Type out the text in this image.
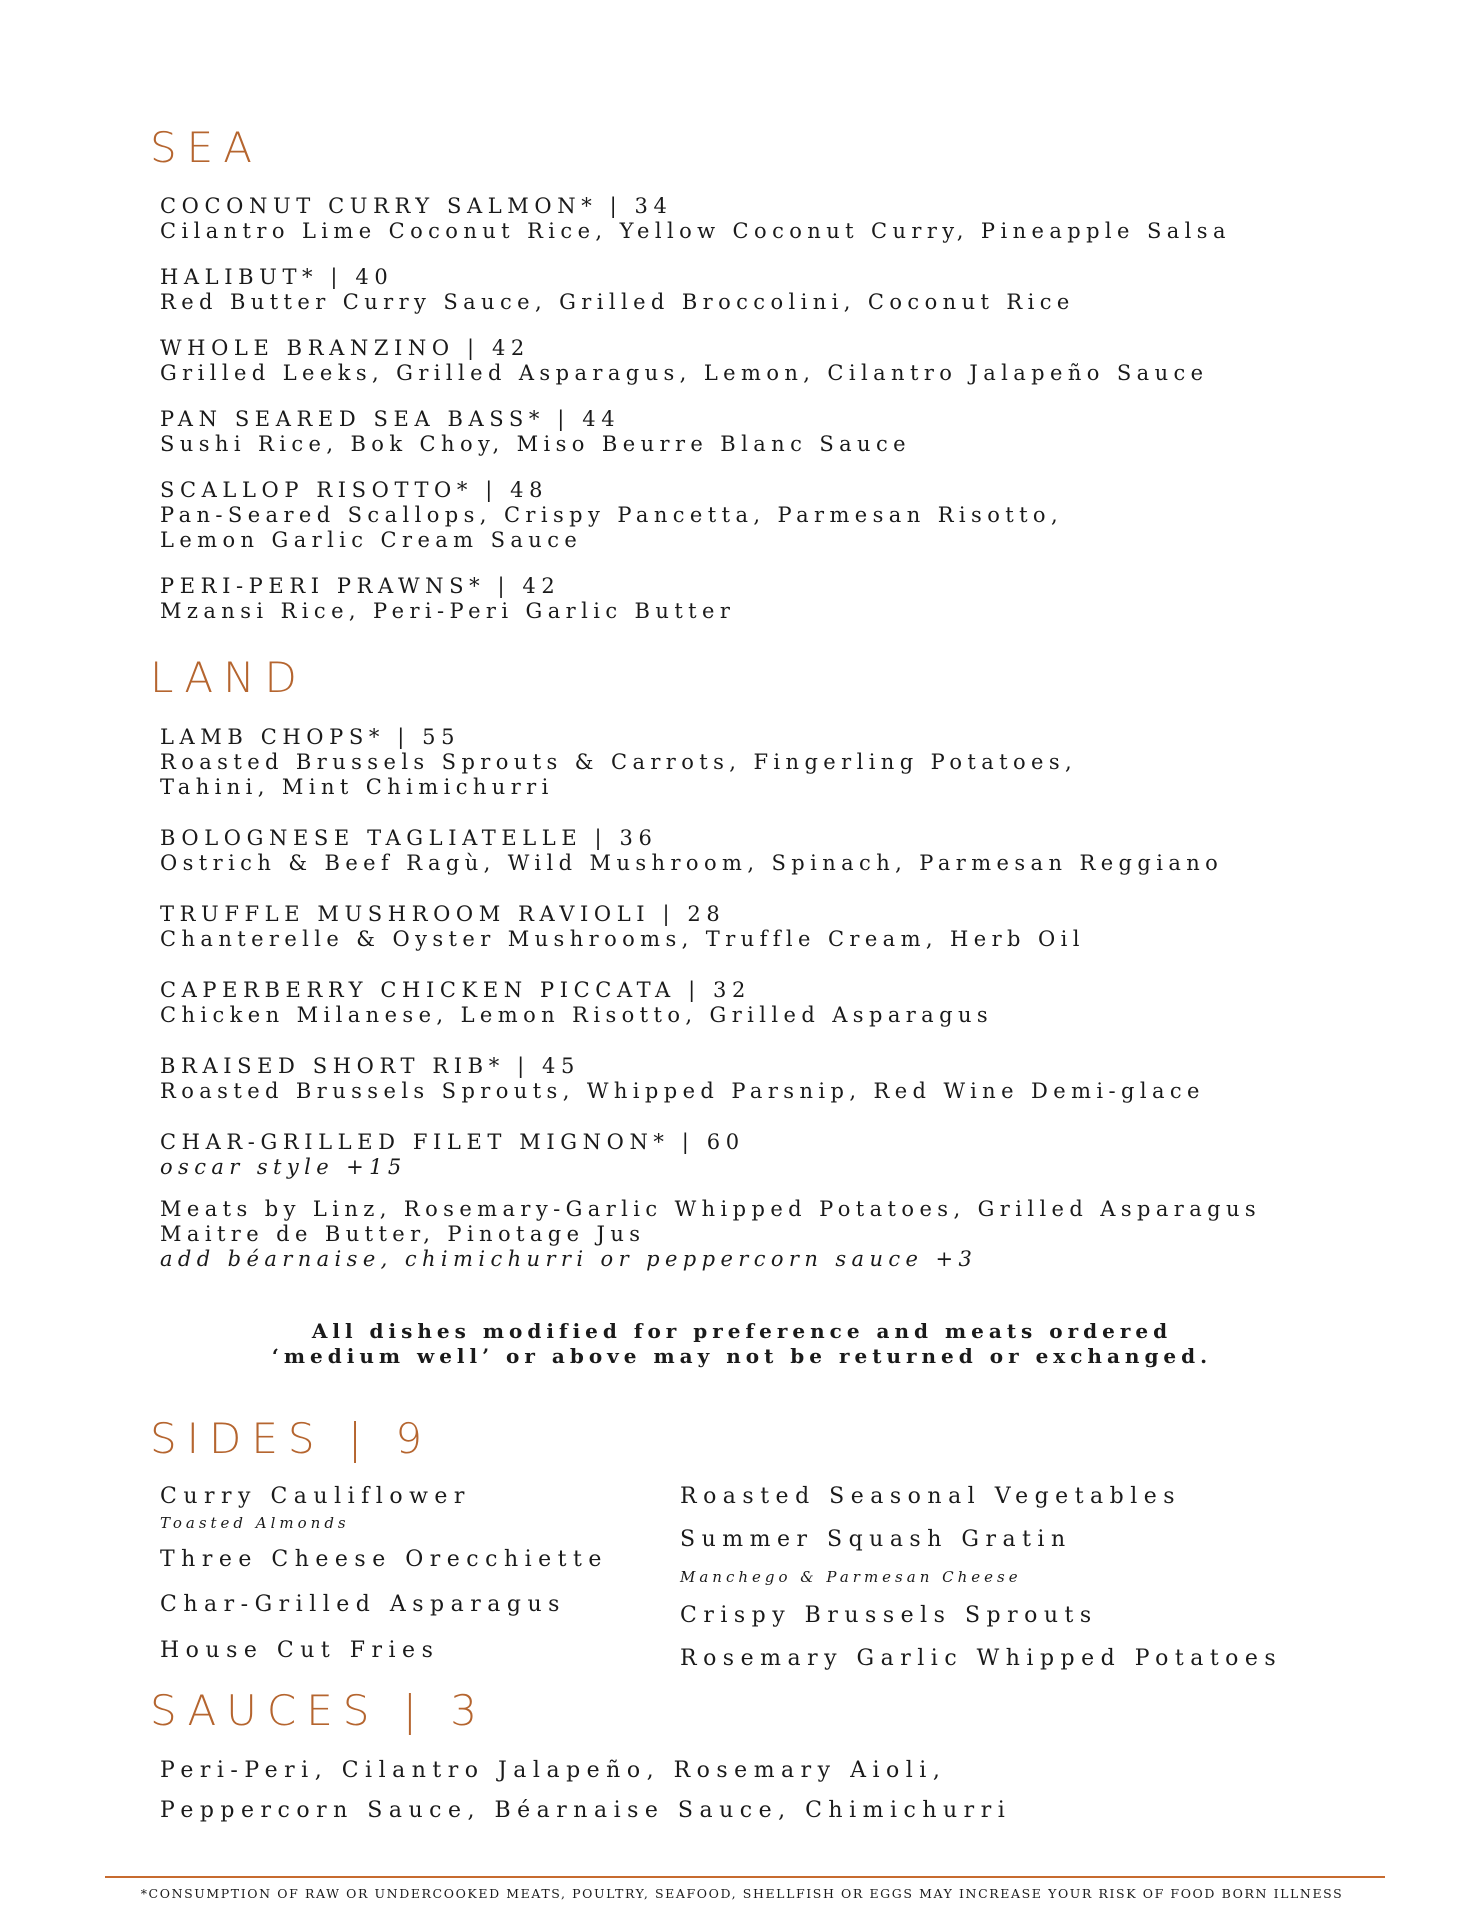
SEA
COCONUT CURRY SALMON* | 34
Cilantro Lime Coconut Rice, Yellow Coconut Curry, Pineapple Salsa
HALIBUT* | 40
Red Butter Curry Sauce, Grilled Broccolini, Coconut Rice
WHOLE BRANZINO | 42
Grilled Leeks, Grilled Asparagus, Lemon, Cilantro Jalapeño Sauce
PAN SEARED SEA BASS* | 44
Sushi Rice, Bok Choy, Miso Beurre Blanc Sauce
SCALLOP RISOTTO* | 48
Pan-Seared Scallops, Crispy Pancetta, Parmesan Risotto,
Lemon Garlic Cream Sauce
PERI-PERI PRAWNS* | 42
Mzansi Rice, Peri-Peri Garlic Butter
LAND
LAMB CHOPS* | 55
Roasted Brussels Sprouts & Carrots, Fingerling Potatoes,
Tahini, Mint Chimichurri
BOLOGNESE TAGLIATELLE | 36
Ostrich & Beef Ragù, Wild Mushroom, Spinach, Parmesan Reggiano
TRUFFLE MUSHROOM RAVIOLI | 28
Chanterelle & Oyster Mushrooms, Truffle Cream, Herb Oil
CAPERBERRY CHICKEN PICCATA | 32
Chicken Milanese, Lemon Risotto, Grilled Asparagus
BRAISED SHORT RIB* | 45
Roasted Brussels Sprouts, Whipped Parsnip, Red Wine Demi-glace
CHAR-GRILLED FILET MIGNON* | 60
oscar style +15
Meats by Linz, Rosemary-Garlic Whipped Potatoes, Grilled Asparagus
Maitre de Butter, Pinotage Jus
add béarnaise, chimichurri or peppercorn sauce +3
All dishes modified for preference and meats ordered
‘medium well’ or above may not be returned or exchanged.
SIDES | 9
Curry Cauliflower
Toasted Almonds
Three Cheese Orecchiette
Char-Grilled Asparagus
House Cut Fries
Roasted Seasonal Vegetables
Summer Squash Gratin
Manchego & Parmesan Cheese
Crispy Brussels Sprouts
Rosemary Garlic Whipped Potatoes
SAUCES | 3
Peri-Peri, Cilantro Jalapeño, Rosemary Aioli,
Peppercorn Sauce, Béarnaise Sauce, Chimichurri
*CONSUMPTION OF RAW OR UNDERCOOKED MEATS, POULTRY, SEAFOOD, SHELLFISH OR EGGS MAY INCREASE YOUR RISK OF FOOD BORN ILLNESS
